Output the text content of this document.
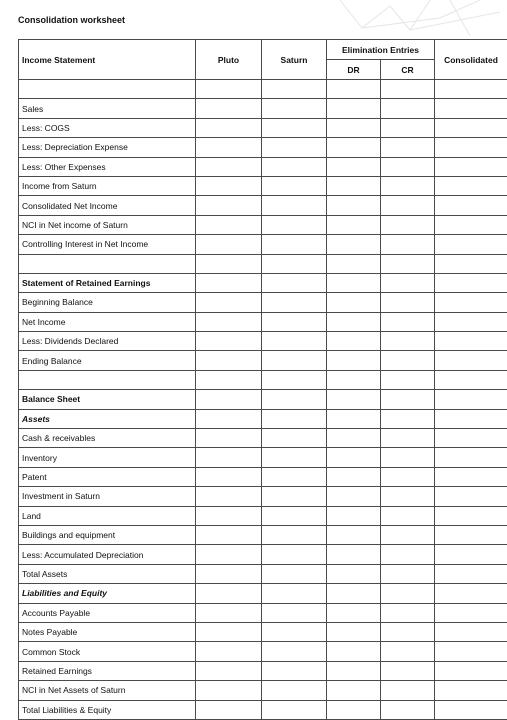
Consolidation worksheet
Income Statement	Pluto	Saturn	Elimination Entries		Consolidated
			DR	CR	

Sales					
Less: COGS					
Less: Depreciation Expense					
Less: Other Expenses					
Income from Saturn					
Consolidated Net Income					
NCI in Net income of Saturn					
Controlling Interest in Net Income					

Statement of Retained Earnings					
Beginning Balance					
Net Income					
Less: Dividends Declared					
Ending Balance					

Balance Sheet					
Assets					
Cash & receivables					
Inventory					
Patent					
Investment in Saturn					
Land					
Buildings and equipment					
Less: Accumulated Depreciation					
Total Assets					
Liabilities and Equity					
Accounts Payable					
Notes Payable					
Common Stock					
Retained Earnings					
NCI in Net Assets of Saturn					
Total Liabilities & Equity					
